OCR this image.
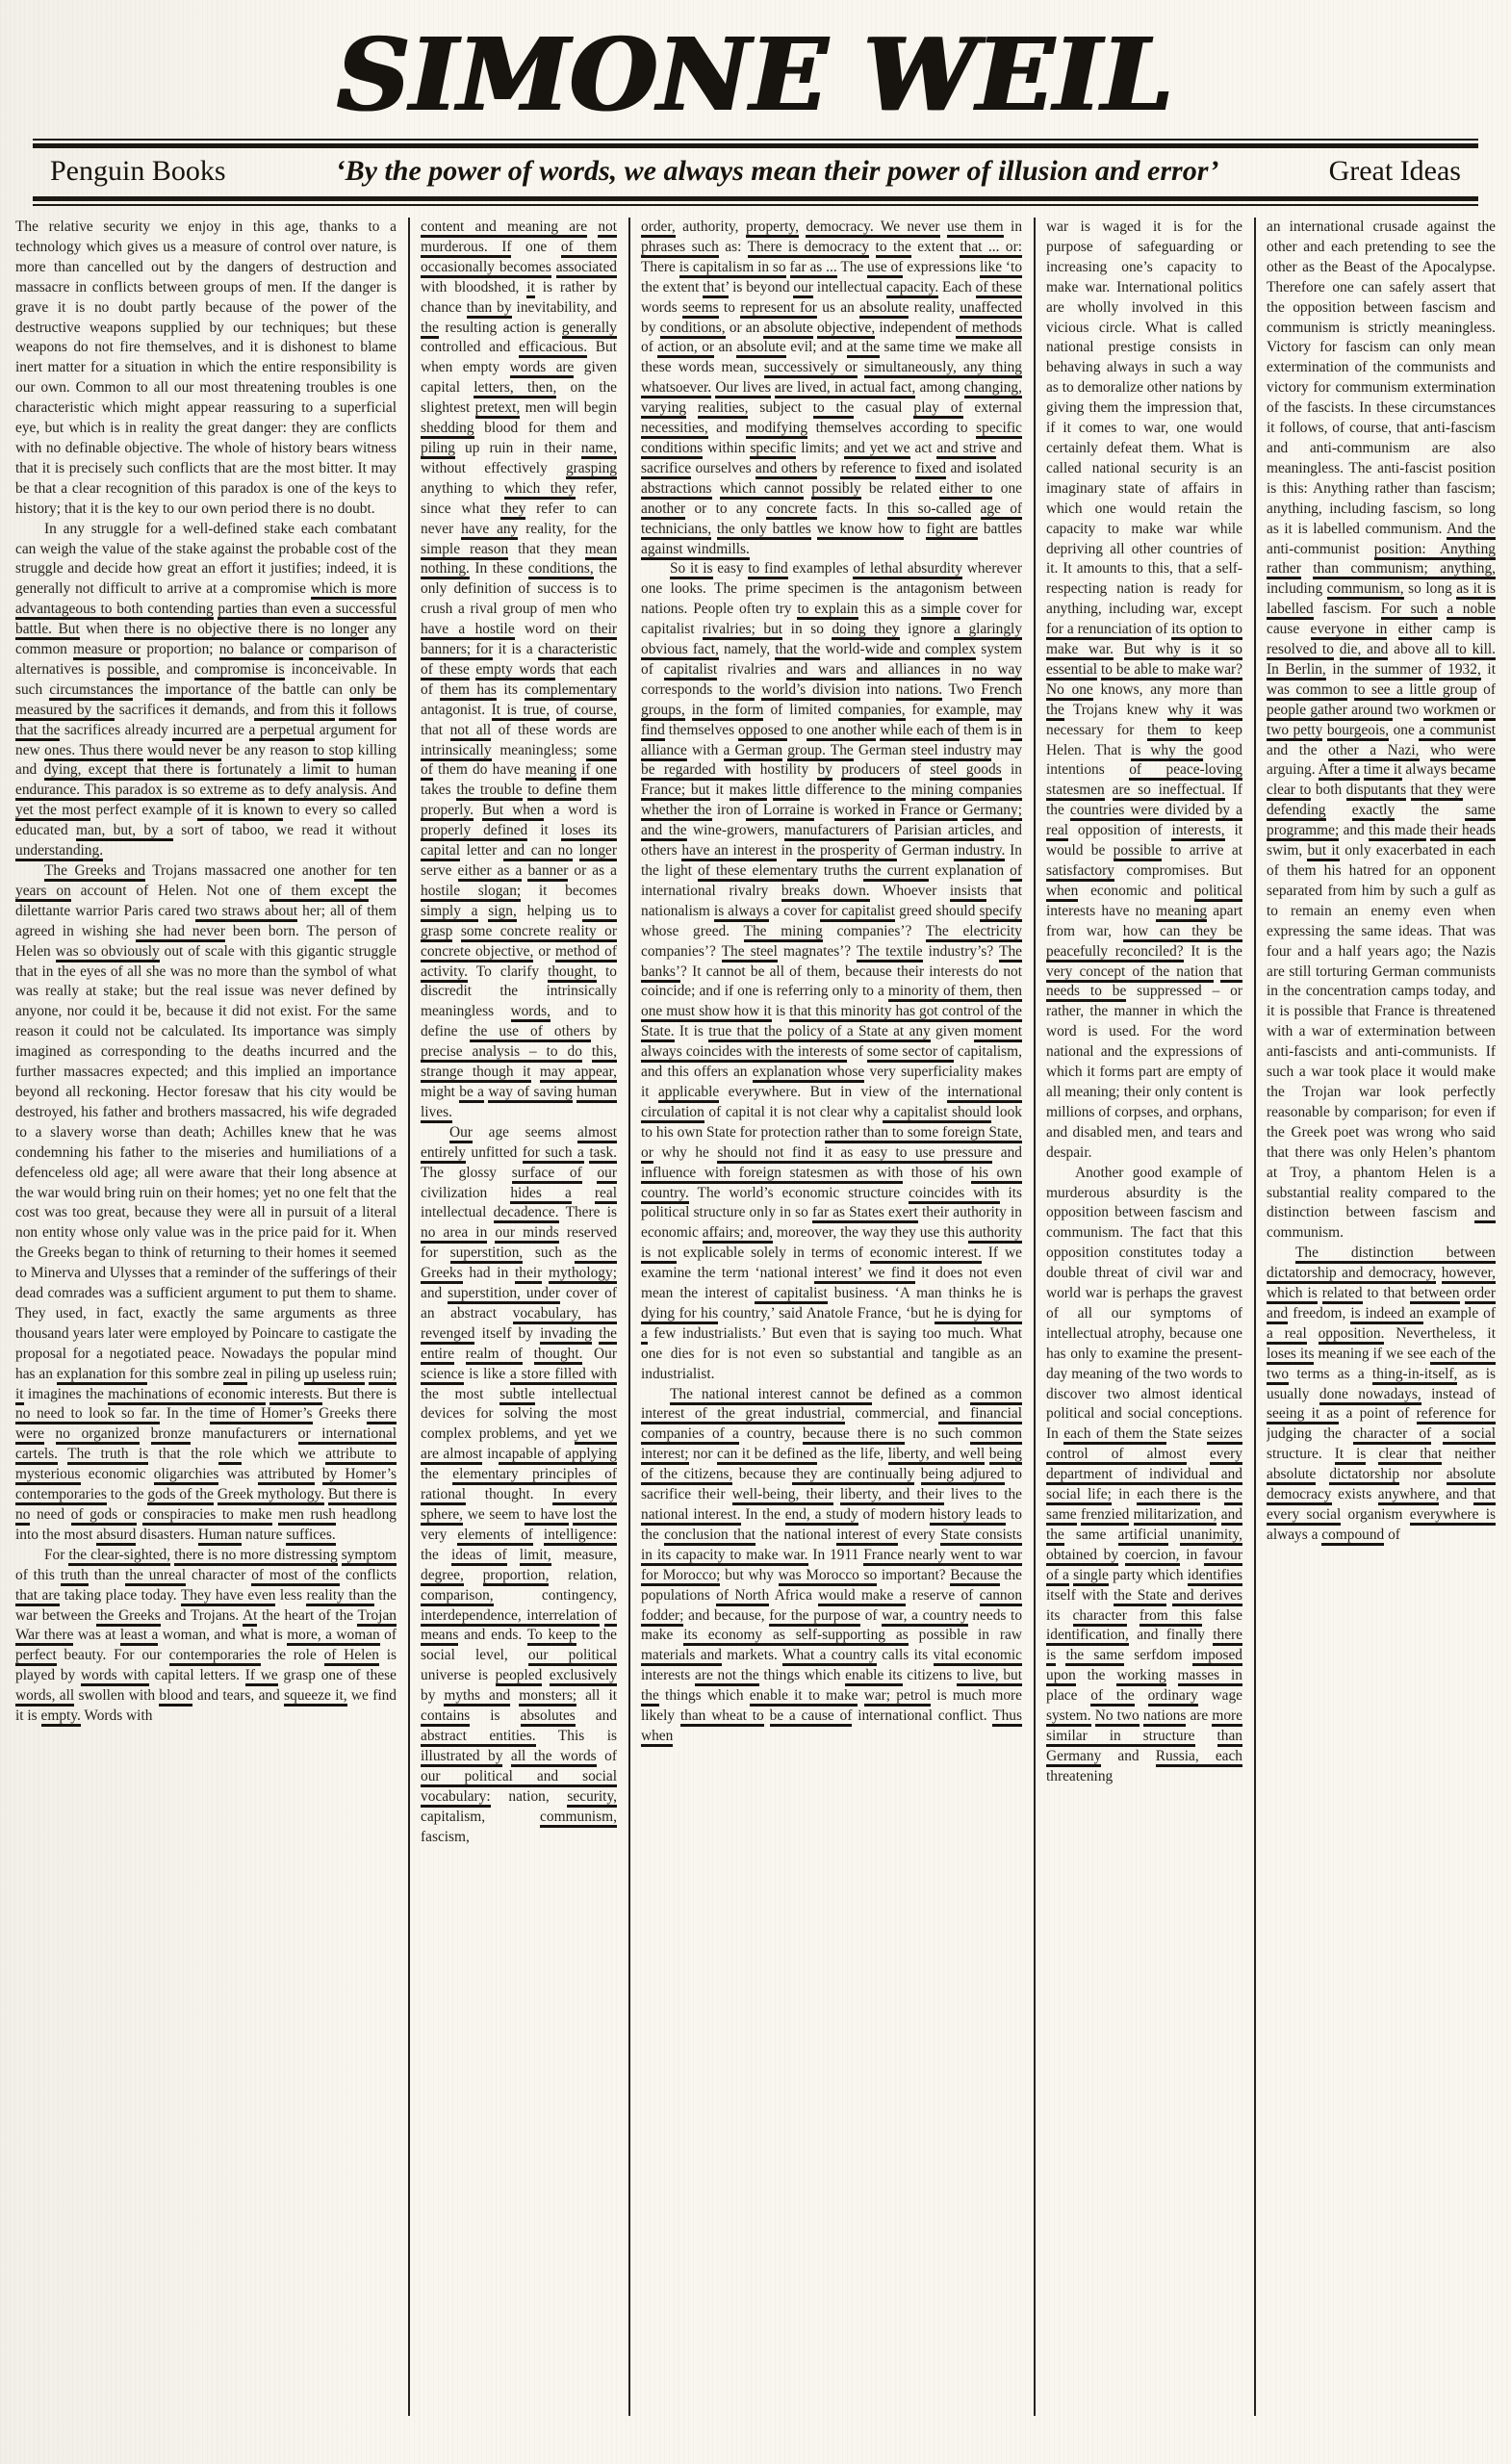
SIMONE WEIL
Penguin Books	‘By the power of words, we always mean their power of illusion and error’	Great Ideas

The relative security we enjoy in this age, thanks to a technology which gives us a measure of control over nature, is more than cancelled out by the dangers of destruction and massacre in conflicts between groups of men. If the danger is grave it is no doubt partly because of the power of the destructive weapons supplied by our techniques; but these weapons do not fire themselves, and it is dishonest to blame inert matter for a situation in which the entire responsibility is our own. Common to all our most threatening troubles is one characteristic which might appear reassuring to a superficial eye, but which is in reality the great danger: they are conflicts with no definable objective. The whole of history bears witness that it is precisely such conflicts that are the most bitter. It may be that a clear recognition of this paradox is one of the keys to history; that it is the key to our own period there is no doubt.

In any struggle for a well-defined stake each combatant can weigh the value of the stake against the probable cost of the struggle and decide how great an effort it justifies; indeed, it is generally not difficult to arrive at a compromise which is more advantageous to both contending parties than even a successful battle. But when there is no objective there is no longer any common measure or proportion; no balance or comparison of alternatives is possible, and compromise is inconceivable. In such circumstances the importance of the battle can only be measured by the sacrifices it demands, and from this it follows that the sacrifices already incurred are a perpetual argument for new ones. Thus there would never be any reason to stop killing and dying, except that there is fortunately a limit to human endurance. This paradox is so extreme as to defy analysis. And yet the most perfect example of it is known to every so called educated man, but, by a sort of taboo, we read it without understanding.

The Greeks and Trojans massacred one another for ten years on account of Helen. Not one of them except the dilettante warrior Paris cared two straws about her; all of them agreed in wishing she had never been born. The person of Helen was so obviously out of scale with this gigantic struggle that in the eyes of all she was no more than the symbol of what was really at stake; but the real issue was never defined by anyone, nor could it be, because it did not exist. For the same reason it could not be calculated. Its importance was simply imagined as corresponding to the deaths incurred and the further massacres expected; and this implied an importance beyond all reckoning. Hector foresaw that his city would be destroyed, his father and brothers massacred, his wife degraded to a slavery worse than death; Achilles knew that he was condemning his father to the miseries and humiliations of a defenceless old age; all were aware that their long absence at the war would bring ruin on their homes; yet no one felt that the cost was too great, because they were all in pursuit of a literal non entity whose only value was in the price paid for it. When the Greeks began to think of returning to their homes it seemed to Minerva and Ulysses that a reminder of the sufferings of their dead comrades was a sufficient argument to put them to shame. They used, in fact, exactly the same arguments as three thousand years later were employed by Poincare to castigate the proposal for a negotiated peace. Nowadays the popular mind has an explanation for this sombre zeal in piling up useless ruin; it imagines the machinations of economic interests. But there is no need to look so far. In the time of Homer’s Greeks there were no organized bronze manufacturers or international cartels. The truth is that the role which we attribute to mysterious economic oligarchies was attributed by Homer’s contemporaries to the gods of the Greek mythology. But there is no need of gods or conspiracies to make men rush headlong into the most absurd disasters. Human nature suffices.

For the clear-sighted, there is no more distressing symptom of this truth than the unreal character of most of the conflicts that are taking place today. They have even less reality than the war between the Greeks and Trojans. At the heart of the Trojan War there was at least a woman, and what is more, a woman of perfect beauty. For our contemporaries the role of Helen is played by words with capital letters. If we grasp one of these words, all swollen with blood and tears, and squeeze it, we find it is empty. Words with

content and meaning are not murderous. If one of them occasionally becomes associated with bloodshed, it is rather by chance than by inevitability, and the resulting action is generally controlled and efficacious. But when empty words are given capital letters, then, on the slightest pretext, men will begin shedding blood for them and piling up ruin in their name, without effectively grasping anything to which they refer, since what they refer to can never have any reality, for the simple reason that they mean nothing. In these conditions, the only definition of success is to crush a rival group of men who have a hostile word on their banners; for it is a characteristic of these empty words that each of them has its complementary antagonist. It is true, of course, that not all of these words are intrinsically meaningless; some of them do have meaning if one takes the trouble to define them properly. But when a word is properly defined it loses its capital letter and can no longer serve either as a banner or as a hostile slogan; it becomes simply a sign, helping us to grasp some concrete reality or concrete objective, or method of activity. To clarify thought, to discredit the intrinsically meaningless words, and to define the use of others by precise analysis – to do this, strange though it may appear, might be a way of saving human lives.

Our age seems almost entirely unfitted for such a task. The glossy surface of our civilization hides a real intellectual decadence. There is no area in our minds reserved for superstition, such as the Greeks had in their mythology; and superstition, under cover of an abstract vocabulary, has revenged itself by invading the entire realm of thought. Our science is like a store filled with the most subtle intellectual devices for solving the most complex problems, and yet we are almost incapable of applying the elementary principles of rational thought. In every sphere, we seem to have lost the very elements of intelligence: the ideas of limit, measure, degree, proportion, relation, comparison, contingency, interdependence, interrelation of means and ends. To keep to the social level, our political universe is peopled exclusively by myths and monsters; all it contains is absolutes and abstract entities. This is illustrated by all the words of our political and social vocabulary: nation, security, capitalism, communism, fascism,

order, authority, property, democracy. We never use them in phrases such as: There is democracy to the extent that ... or: There is capitalism in so far as ... The use of expressions like ‘to the extent that’ is beyond our intellectual capacity. Each of these words seems to represent for us an absolute reality, unaffected by conditions, or an absolute objective, independent of methods of action, or an absolute evil; and at the same time we make all these words mean, successively or simultaneously, any thing whatsoever. Our lives are lived, in actual fact, among changing, varying realities, subject to the casual play of external necessities, and modifying themselves according to specific conditions within specific limits; and yet we act and strive and sacrifice ourselves and others by reference to fixed and isolated abstractions which cannot possibly be related either to one another or to any concrete facts. In this so-called age of technicians, the only battles we know how to fight are battles against windmills.

So it is easy to find examples of lethal absurdity wherever one looks. The prime specimen is the antagonism between nations. People often try to explain this as a simple cover for capitalist rivalries; but in so doing they ignore a glaringly obvious fact, namely, that the world-wide and complex system of capitalist rivalries and wars and alliances in no way corresponds to the world’s division into nations. Two French groups, in the form of limited companies, for example, may find themselves opposed to one another while each of them is in alliance with a German group. The German steel industry may be regarded with hostility by producers of steel goods in France; but it makes little difference to the mining companies whether the iron of Lorraine is worked in France or Germany; and the wine-growers, manufacturers of Parisian articles, and others have an interest in the prosperity of German industry. In the light of these elementary truths the current explanation of international rivalry breaks down. Whoever insists that nationalism is always a cover for capitalist greed should specify whose greed. The mining companies’? The electricity companies’? The steel magnates’? The textile industry’s? The banks’? It cannot be all of them, because their interests do not coincide; and if one is referring only to a minority of them, then one must show how it is that this minority has got control of the State. It is true that the policy of a State at any given moment always coincides with the interests of some sector of capitalism, and this offers an explanation whose very superficiality makes it applicable everywhere. But in view of the international circulation of capital it is not clear why a capitalist should look to his own State for protection rather than to some foreign State, or why he should not find it as easy to use pressure and influence with foreign statesmen as with those of his own country. The world’s economic structure coincides with its political structure only in so far as States exert their authority in economic affairs; and, moreover, the way they use this authority is not explicable solely in terms of economic interest. If we examine the term ‘national interest’ we find it does not even mean the interest of capitalist business. ‘A man thinks he is dying for his country,’ said Anatole France, ‘but he is dying for a few industrialists.’ But even that is saying too much. What one dies for is not even so substantial and tangible as an industrialist.

The national interest cannot be defined as a common interest of the great industrial, commercial, and financial companies of a country, because there is no such common interest; nor can it be defined as the life, liberty, and well being of the citizens, because they are continually being adjured to sacrifice their well-being, their liberty, and their lives to the national interest. In the end, a study of modern history leads to the conclusion that the national interest of every State consists in its capacity to make war. In 1911 France nearly went to war for Morocco; but why was Morocco so important? Because the populations of North Africa would make a reserve of cannon fodder; and because, for the purpose of war, a country needs to make its economy as self-supporting as possible in raw materials and markets. What a country calls its vital economic interests are not the things which enable its citizens to live, but the things which enable it to make war; petrol is much more likely than wheat to be a cause of international conflict. Thus when

war is waged it is for the purpose of safeguarding or increasing one’s capacity to make war. International politics are wholly involved in this vicious circle. What is called national prestige consists in behaving always in such a way as to demoralize other nations by giving them the impression that, if it comes to war, one would certainly defeat them. What is called national security is an imaginary state of affairs in which one would retain the capacity to make war while depriving all other countries of it. It amounts to this, that a self-respecting nation is ready for anything, including war, except for a renunciation of its option to make war. But why is it so essential to be able to make war? No one knows, any more than the Trojans knew why it was necessary for them to keep Helen. That is why the good intentions of peace-loving statesmen are so ineffectual. If the countries were divided by a real opposition of interests, it would be possible to arrive at satisfactory compromises. But when economic and political interests have no meaning apart from war, how can they be peacefully reconciled? It is the very concept of the nation that needs to be suppressed – or rather, the manner in which the word is used. For the word national and the expressions of which it forms part are empty of all meaning; their only content is millions of corpses, and orphans, and disabled men, and tears and despair.

Another good example of murderous absurdity is the opposition between fascism and communism. The fact that this opposition constitutes today a double threat of civil war and world war is perhaps the gravest of all our symptoms of intellectual atrophy, because one has only to examine the present-day meaning of the two words to discover two almost identical political and social conceptions. In each of them the State seizes control of almost every department of individual and social life; in each there is the same frenzied militarization, and the same artificial unanimity, obtained by coercion, in favour of a single party which identifies itself with the State and derives its character from this false identification, and finally there is the same serfdom imposed upon the working masses in place of the ordinary wage system. No two nations are more similar in structure than Germany and Russia, each threatening

an international crusade against the other and each pretending to see the other as the Beast of the Apocalypse. Therefore one can safely assert that the opposition between fascism and communism is strictly meaningless. Victory for fascism can only mean extermination of the communists and victory for communism extermination of the fascists. In these circumstances it follows, of course, that anti-fascism and anti-communism are also meaningless. The anti-fascist position is this: Anything rather than fascism; anything, including fascism, so long as it is labelled communism. And the anti-communist position: Anything rather than communism; anything, including communism, so long as it is labelled fascism. For such a noble cause everyone in either camp is resolved to die, and above all to kill. In Berlin, in the summer of 1932, it was common to see a little group of people gather around two workmen or two petty bourgeois, one a communist and the other a Nazi, who were arguing. After a time it always became clear to both disputants that they were defending exactly the same programme; and this made their heads swim, but it only exacerbated in each of them his hatred for an opponent separated from him by such a gulf as to remain an enemy even when expressing the same ideas. That was four and a half years ago; the Nazis are still torturing German communists in the concentration camps today, and it is possible that France is threatened with a war of extermination between anti-fascists and anti-communists. If such a war took place it would make the Trojan war look perfectly reasonable by comparison; for even if the Greek poet was wrong who said that there was only Helen’s phantom at Troy, a phantom Helen is a substantial reality compared to the distinction between fascism and communism.

The distinction between dictatorship and democracy, however, which is related to that between order and freedom, is indeed an example of a real opposition. Nevertheless, it loses its meaning if we see each of the two terms as a thing-in-itself, as is usually done nowadays, instead of seeing it as a point of reference for judging the character of a social structure. It is clear that neither absolute dictatorship nor absolute democracy exists anywhere, and that every social organism everywhere is always a compound of
